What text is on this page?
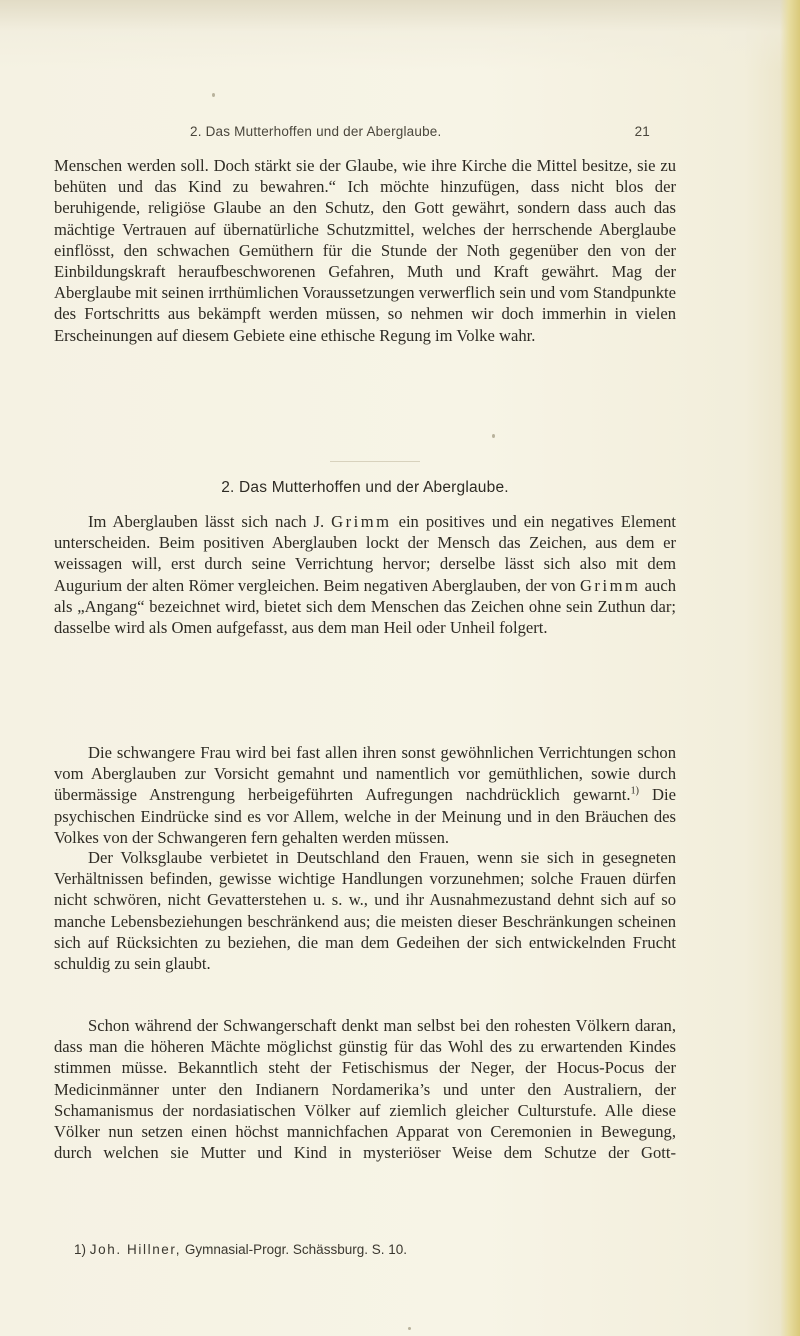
2. Das Mutterhoffen und der Aberglaube.	21
Menschen werden soll. Doch stärkt sie der Glaube, wie ihre Kirche die Mittel besitze, sie zu behüten und das Kind zu bewahren.“ Ich möchte hinzufügen, dass nicht blos der beruhigende, religiöse Glaube an den Schutz, den Gott gewährt, sondern dass auch das mächtige Vertrauen auf übernatürliche Schutzmittel, welches der herrschende Aberglaube einflösst, den schwachen Gemüthern für die Stunde der Noth gegenüber den von der Einbildungskraft heraufbeschworenen Gefahren, Muth und Kraft gewährt. Mag der Aberglaube mit seinen irrthümlichen Voraussetzungen verwerflich sein und vom Standpunkte des Fortschritts aus bekämpft werden müssen, so nehmen wir doch immerhin in vielen Erscheinungen auf diesem Gebiete eine ethische Regung im Volke wahr.
2. Das Mutterhoffen und der Aberglaube.
Im Aberglauben lässt sich nach J. Grimm ein positives und ein negatives Element unterscheiden. Beim positiven Aberglauben lockt der Mensch das Zeichen, aus dem er weissagen will, erst durch seine Verrichtung hervor; derselbe lässt sich also mit dem Augurium der alten Römer vergleichen. Beim negativen Aberglauben, der von Grimm auch als „Angang“ bezeichnet wird, bietet sich dem Menschen das Zeichen ohne sein Zuthun dar; dasselbe wird als Omen aufgefasst, aus dem man Heil oder Unheil folgert.
Die schwangere Frau wird bei fast allen ihren sonst gewöhnlichen Verrichtungen schon vom Aberglauben zur Vorsicht gemahnt und namentlich vor gemüthlichen, sowie durch übermässige Anstrengung herbeigeführten Aufregungen nachdrücklich gewarnt.$^{1)}$ Die psychischen Eindrücke sind es vor Allem, welche in der Meinung und in den Bräuchen des Volkes von der Schwangeren fern gehalten werden müssen.
Der Volksglaube verbietet in Deutschland den Frauen, wenn sie sich in gesegneten Verhältnissen befinden, gewisse wichtige Handlungen vorzunehmen; solche Frauen dürfen nicht schwören, nicht Gevatterstehen u. s. w., und ihr Ausnahmezustand dehnt sich auf so manche Lebensbeziehungen beschränkend aus; die meisten dieser Beschränkungen scheinen sich auf Rücksichten zu beziehen, die man dem Gedeihen der sich entwickelnden Frucht schuldig zu sein glaubt.
Schon während der Schwangerschaft denkt man selbst bei den rohesten Völkern daran, dass man die höheren Mächte möglichst günstig für das Wohl des zu erwartenden Kindes stimmen müsse. Bekanntlich steht der Fetischismus der Neger, der Hocus-Pocus der Medicinmänner unter den Indianern Nordamerika’s und unter den Australiern, der Schamanismus der nordasiatischen Völker auf ziemlich gleicher Culturstufe. Alle diese Völker nun setzen einen höchst mannichfachen Apparat von Ceremonien in Bewegung, durch welchen sie Mutter und Kind in mysteriöser Weise dem Schutze der Gott-
1) Joh. Hillner, Gymnasial-Progr. Schässburg. S. 10.
